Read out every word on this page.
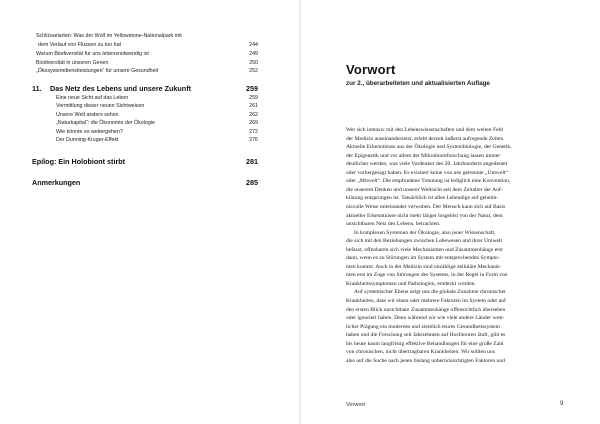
Schlüsselarten: Was der Wolf im Yellowstone-Nationalpark mit
dem Verlauf von Flüssen zu tun hat	244
Warum Biodiversität für uns lebensnotwendig ist	249
Biodiversität in unseren Genen	250
„Ökosystemdienstleistungen“ für unsere Gesundheit	252
11. Das Netz des Lebens und unsere Zukunft	259
Eine neue Sicht auf das Leben	259
Vermittlung dieser neuen Sichtweisen	261
Unsere Welt anders sehen	262
„Naturkapital“: die Ökonomie der Ökologie	269
Wie könnte es weitergehen?	272
Der Dunning-Kruger-Effekt	276
Epilog: Ein Holobiont stirbt	281
Anmerkungen	285
Vorwort
zur 2., überarbeiteten und aktualisierten Auflage
Wer sich intensiv mit den Lebenswissenschaften und dem weiten Feld
der Medizin auseinandersetzt, erlebt derzeit äußerst aufregende Zeiten.
Aktuelle Erkenntnisse aus der Ökologie und Systembiologie, der Genetik,
der Epigenetik und vor allem der Mikrobiomforschung lassen immer
deutlicher werden, was viele Vordenker des 20. Jahrhunderts angedeutet
oder vorhergesagt haben: Es existiert keine von uns getrennte „Umwelt“
oder „Mitwelt“. Die empfundene Trennung ist lediglich eine Konvention,
die unserem Denken und unserer Weltsicht seit dem Zeitalter der Auf-
klärung entsprungen ist. Tatsächlich ist alles Lebendige auf geheim-
nisvolle Weise miteinander verwoben. Der Mensch kann sich auf Basis
aktueller Erkenntnisse nicht mehr länger losgelöst von der Natur, dem
unsichtbaren Netz des Lebens, betrachten.
In komplexen Systemen der Ökologie, also jener Wissenschaft,
die sich mit den Beziehungen zwischen Lebewesen und ihrer Umwelt
befasst, offenbaren sich viele Mechanismen und Zusammenhänge erst
dann, wenn es zu Störungen im System mit entsprechenden Sympto-
men kommt. Auch in der Medizin sind unzählige zelluläre Mechanis-
men erst im Zuge von Störungen des Systems, in der Regel in Form von
Krankheitssymptomen und Pathologien, entdeckt worden.
Auf systemischer Ebene zeigt uns die globale Zunahme chronischer
Krankheiten, dass wir einen oder mehrere Faktoren im System oder auf
den ersten Blick unsichtbare Zusammenhänge offensichtlich übersehen
oder ignoriert haben. Denn während wir wie viele andere Länder west-
licher Prägung ein modernes und ziemlich teures Gesundheitssystem
haben und die Forschung seit Jahrzehnten auf Hochtouren läuft, gibt es
bis heute kaum langfristig effektive Behandlungen für eine große Zahl
von chronischen, nicht übertragbaren Krankheiten. Wir sollten uns
also auf die Suche nach jenen bislang unberücksichtigten Faktoren und
Vorwort	9
